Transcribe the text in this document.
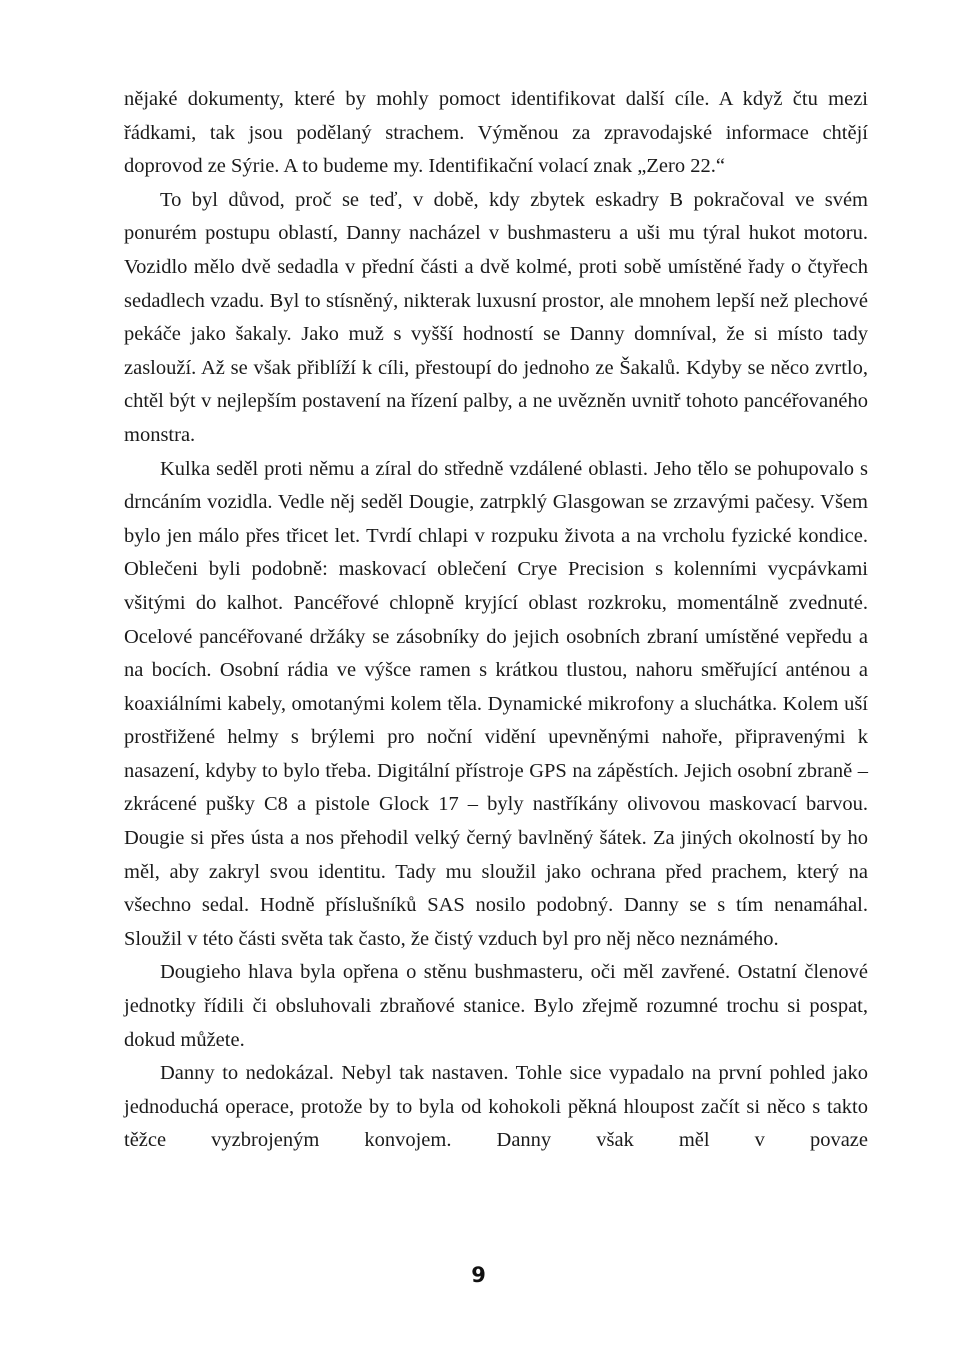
nějaké dokumenty, které by mohly pomoct identifikovat další cíle. A když čtu mezi řádkami, tak jsou podělaný strachem. Výměnou za zpravodajské informace chtějí doprovod ze Sýrie. A to budeme my. Identifikační volací znak „Zero 22.“

To byl důvod, proč se teď, v době, kdy zbytek eskadry B pokračoval ve svém ponurém postupu oblastí, Danny nacházel v bushmasteru a uši mu týral hukot motoru. Vozidlo mělo dvě sedadla v přední části a dvě kolmé, proti sobě umístěné řady o čtyřech sedadlech vzadu. Byl to stísněný, nikterak luxusní prostor, ale mnohem lepší než plechové pekáče jako šakaly. Jako muž s vyšší hodností se Danny domníval, že si místo tady zaslouží. Až se však přiblíží k cíli, přestoupí do jednoho ze Šakalů. Kdyby se něco zvrtlo, chtěl být v nejlepším postavení na řízení palby, a ne uvězněn uvnitř tohoto pancéřovaného monstra.

Kulka seděl proti němu a zíral do středně vzdálené oblasti. Jeho tělo se pohupovalo s drncáním vozidla. Vedle něj seděl Dougie, zatrpklý Glasgowan se zrzavými pačesy. Všem bylo jen málo přes třicet let. Tvrdí chlapi v rozpuku života a na vrcholu fyzické kondice. Oblečeni byli podobně: maskovací oblečení Crye Precision s kolenními vycpávkami všitými do kalhot. Pancéřové chlopně kryjící oblast rozkroku, momentálně zvednuté. Ocelové pancéřované držáky se zásobníky do jejich osobních zbraní umístěné vepředu a na bocích. Osobní rádia ve výšce ramen s krátkou tlustou, nahoru směřující anténou a koaxiálními kabely, omotanými kolem těla. Dynamické mikrofony a sluchátka. Kolem uší prostřižené helmy s brýlemi pro noční vidění upevněnými nahoře, připravenými k nasazení, kdyby to bylo třeba. Digitální přístroje GPS na zápěstích. Jejich osobní zbraně – zkrácené pušky C8 a pistole Glock 17 – byly nastříkány olivovou maskovací barvou. Dougie si přes ústa a nos přehodil velký černý bavlněný šátek. Za jiných okolností by ho měl, aby zakryl svou identitu. Tady mu sloužil jako ochrana před prachem, který na všechno sedal. Hodně příslušníků SAS nosilo podobný. Danny se s tím nenamáhal. Sloužil v této části světa tak často, že čistý vzduch byl pro něj něco neznámého.

Dougieho hlava byla opřena o stěnu bushmasteru, oči měl zavřené. Ostatní členové jednotky řídili či obsluhovali zbraňové stanice. Bylo zřejmě rozumné trochu si pospat, dokud můžete.

Danny to nedokázal. Nebyl tak nastaven. Tohle sice vypadalo na první pohled jako jednoduchá operace, protože by to byla od kohokoli pěkná hloupost začít si něco s takto těžce vyzbrojeným konvojem. Danny však měl v povaze

9
